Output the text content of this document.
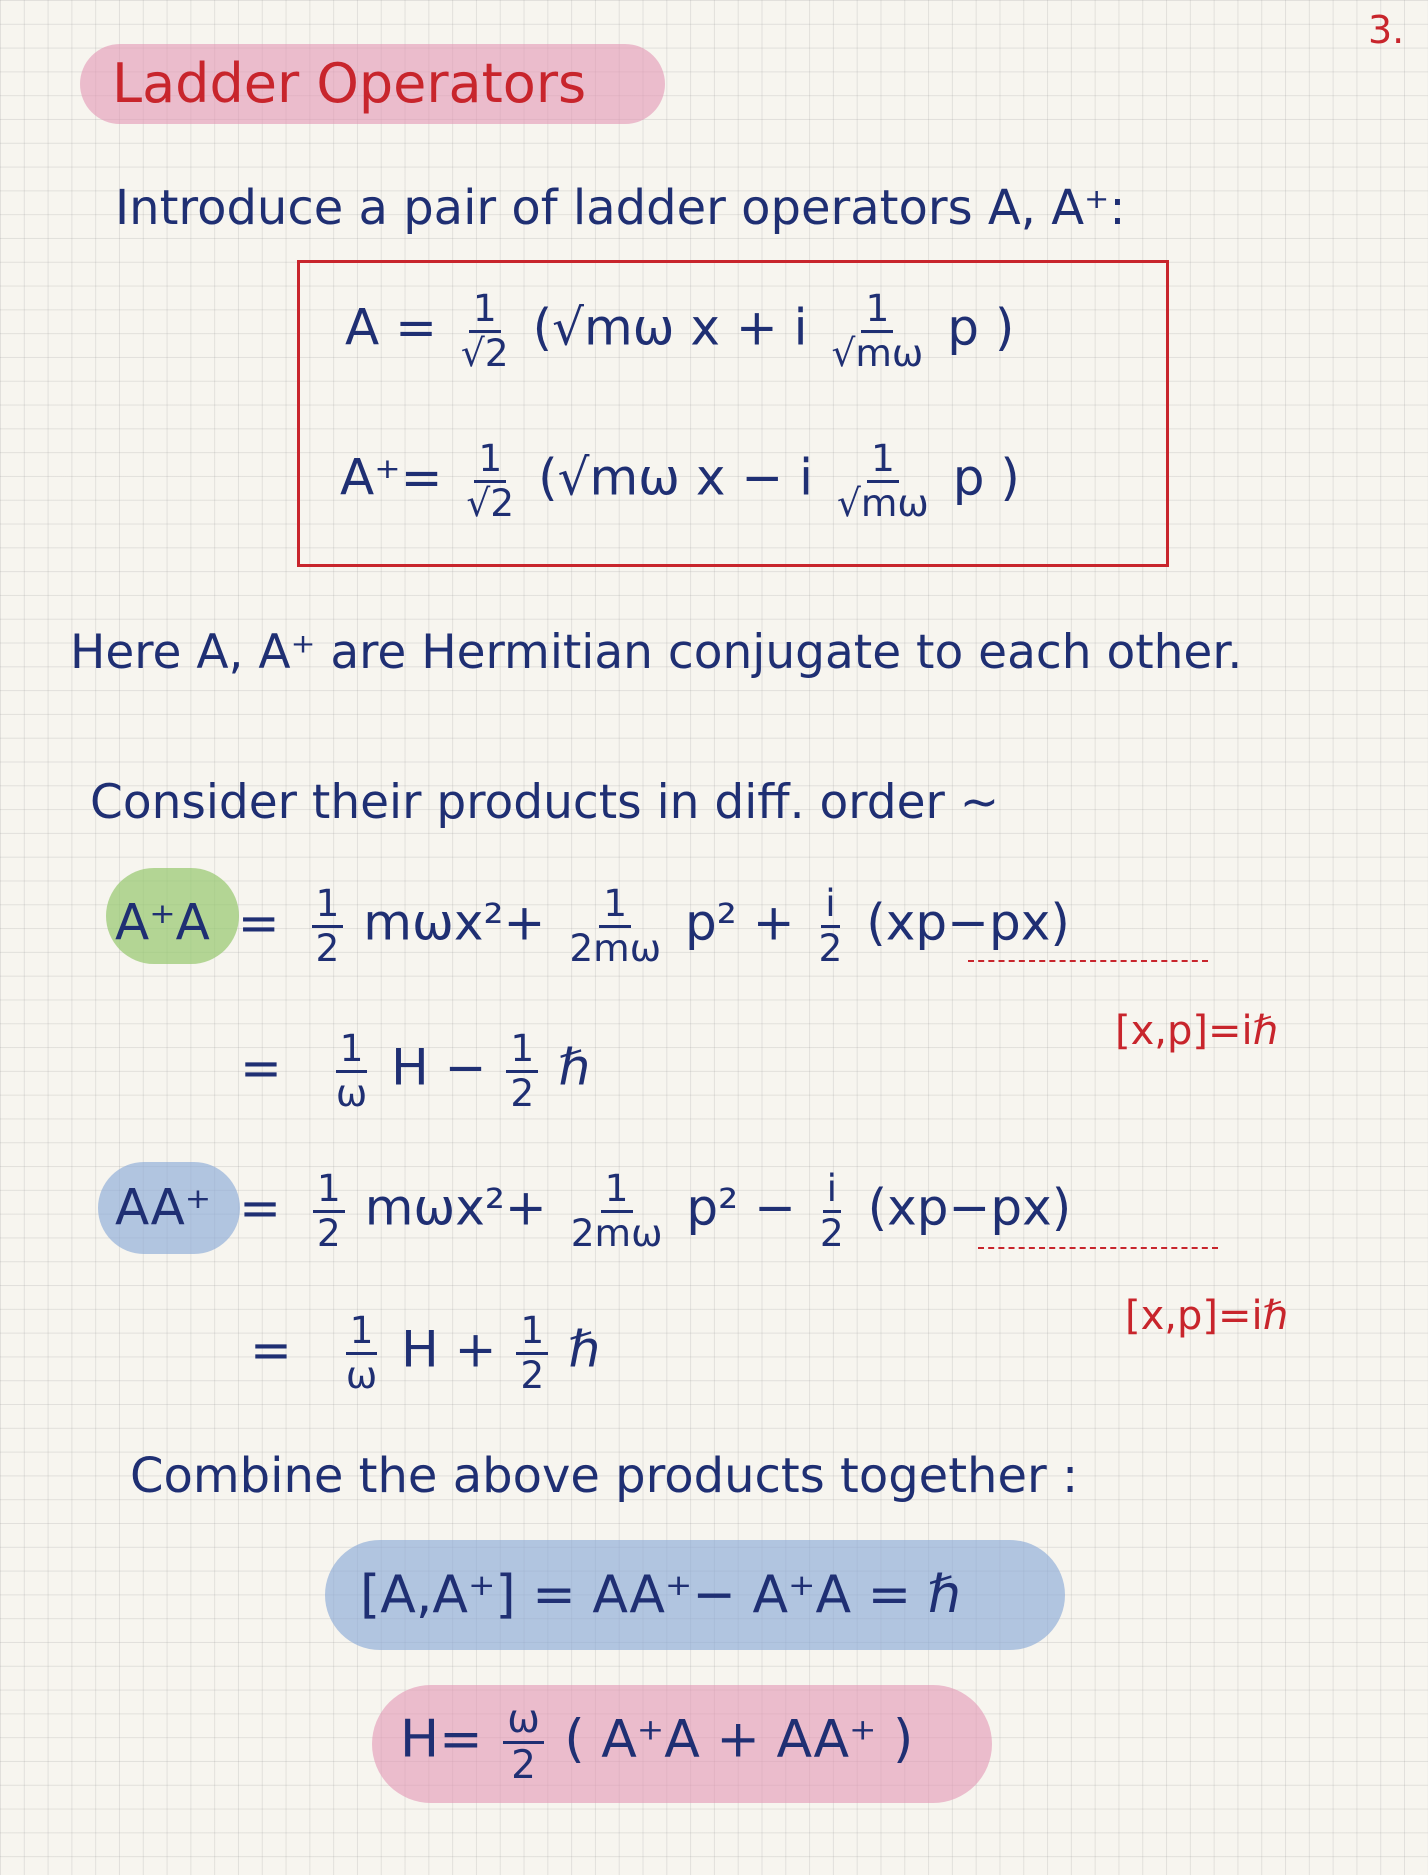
3.
Ladder Operators
Introduce a pair of ladder operators A, A⁺:
$A = \frac{1}{√2} (√m\omega$ x + i $\frac{1}{√m\omega}$ p )
$A^+= \frac{1}{√2} (√m\omega$ x − i $\frac{1}{√m\omega}$ p )
Here A, A⁺ are Hermitian conjugate to each other.
Consider their products in diff. order ~
$A^+A = \frac{1}{2} m\omega x^2+ \frac{1}{2m\omega} p^2 + \frac{i}{2} (xp-px)$
[x,p]=iℏ
= $\frac{1}{\omega}$ $H - \frac{1}{2}$ ℏ
$AA^+ = \frac{1}{2} m\omega x^2+ \frac{1}{2m\omega} p^2 - \frac{i}{2} (xp-px)$
[x,p]=iℏ
= $\frac{1}{\omega}$ $H + \frac{1}{2}$ ℏ
Combine the above products together :
[A,A⁺] = AA⁺− A⁺A = ℏ
$H= \frac{\omega}{2}$ ( A⁺A + AA⁺ )
